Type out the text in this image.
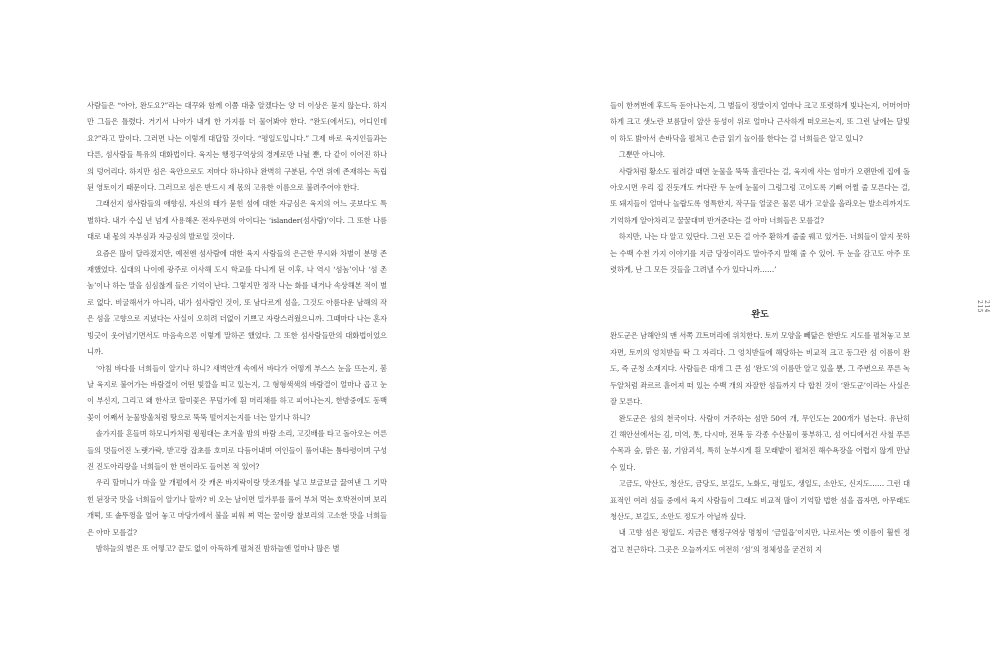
사람들은 “아아, 완도요?”라는 대꾸와 함께 이쯤 대충 알겠다는 양 더 이상은 묻지 않는다. 하지만 그들은 틀렸다. 거기서 나아가 내게 한 가지를 더 물어봐야 한다. “완도(에서도), 어디인데요?”라고 말이다. 그러면 나는 이렇게 대답할 것이다. “평일도입니다.” 그제 바로 육지인들과는 다른, 섬사람들 특유의 대화법이다. 육지는 행정구역상의 경계로만 나뉠 뿐, 다 같이 이어진 하나의 덩어리다. 하지만 섬은 육안으로도 저마다 하나하나 완벽히 구분된, 수면 위에 존재하는 독립된 영토이기 때문이다. 그러므로 섬은 반드시 제 몫의 고유한 이름으로 불려주어야 한다.

그래선지 섬사람들의 애향심, 자신의 태가 묻힌 섬에 대한 자긍심은 육지의 어느 곳보다도 특별하다. 내가 수십 년 넘게 사용해온 전자우편의 아이디는 ‘islander(섬사람)’이다. 그 또한 나름대로 내 몫의 자부심과 자긍심의 발로일 것이다.

요즘은 많이 달라졌지만, 예전엔 섬사람에 대한 육지 사람들의 은근한 무시와 차별이 분명 존재했었다. 십대의 나이에 광주로 이사해 도시 학교를 다니게 된 이후, 나 역시 ‘섬놈’이나 ‘섬 촌놈’이나 하는 말을 심심찮게 들은 기억이 난다. 그렇지만 정작 나는 화를 내거나 속상해본 적이 별로 없다. 비굴해서가 아니라, 내가 섬사람인 것이, 또 남다르게 섬을, 그것도 아름다운 남해의 작은 섬을 고향으로 지녔다는 사실이 오히려 더없이 기쁘고 자랑스러웠으니까. 그때마다 나는 혼자 빙긋이 웃어넘기면서도 마음속으론 이렇게 말하곤 했었다. 그 또한 섬사람들만의 대화법이었으니까.

‘아침 바다를 너희들이 알기나 하니? 새벽안개 속에서 바다가 어떻게 부스스 눈을 뜨는지, 봄날 육지로 불어가는 바람결이 어떤 빛깔을 띠고 있는지, 그 형형색색의 바람결이 얼마나 곱고 눈이 부신지, 그리고 왜 한사코 할미꽃은 무덤가에 흰 머리채를 하고 피어나는지, 한밤중에도 동백꽃이 어째서 눈물방울처럼 땅으로 뚝뚝 떨어지는지를 너는 알기나 하니?

솔가지를 흔들며 하모니카처럼 윙윙대는 초겨울 밤의 바람 소리, 고깃배를 타고 돌아오는 어른들의 멋들어진 노랫가락, 받고랑 잡초를 호미로 다듬어내며 여인들이 풀어내는 툼타령이며 구성진 진도아리랑을 너희들이 한 번이라도 들어본 적 있어?

우리 할머니가 마을 앞 개펄에서 갓 캐온 바지락이랑 맛조개를 넣고 보글보글 끓여낸 그 기막힌 된장국 맛을 너희들이 알기나 할까? 비 오는 날이면 밀가루를 풀어 부쳐 먹는 호박전이며 보리개떡, 또 솥뚜껑을 엎어 놓고 마당가에서 불을 피워 쪄 먹는 꿀이랑 찰보리의 고소한 맛을 너희들은 아마 모를걸?

밤하늘의 별은 또 어떻고? 끝도 없이 아득하게 펼쳐진 밤하늘엔 얼마나 많은 별

들이 한꺼번에 후드득 돋아나는지, 그 별들이 정말이지 얼마나 크고 또렷하게 빛나는지, 어머어마하게 크고 샛노란 보름달이 앞산 등성이 위로 얼마나 근사하게 떠오르는지, 또 그런 날에는 달빛이 하도 밝아서 손바닥을 펼쳐고 손금 읽기 놀이를 한다는 걸 너희들은 알고 있니?

그뿐만 아니야.

사람처럼 황소도 필려갈 때면 눈물을 뚝뚝 흘린다는 걸, 육지에 사는 엄마가 오랜만에 집에 돌아오시면 우리 집 진돗개도 커다란 두 눈에 눈물이 그렁그렁 고이도록 기뻐 어쩔 줄 모른다는 걸, 또 돼지들이 얼마나 놀랍도록 영특한지, 작구들 얼굴은 물론 내가 고샅을 올라오는 발소리까지도 기억하게 알아차리고 꿀꿀대며 반겨준다는 걸 아마 너희들은 모를걸?

하지만, 나는 다 알고 있단다. 그런 모든 걸 아주 환하게 줄줄 꿰고 있거든. 너희들이 알지 못하는 수백 수천 가지 이야기를 지금 당장이라도 말아주지 말해 줄 수 있어. 두 눈을 감고도 아주 또렷하게, 난 그 모든 것들을 그려낼 수가 있다니까……’

완도

완도군은 남해안의 맨 서쪽 끄트머리에 위치한다. 토끼 모양을 빼닮은 한반도 지도를 펼쳐놓고 보자면, 토끼의 엉치받들 딱 그 자리다. 그 엉치받들에 해당하는 비교적 크고 동그란 섬 이름이 완도, 즉 군청 소재지다. 사람들은 대개 그 큰 섬 ‘완도’의 이름만 알고 있을 뿐, 그 주변으로 푸른 녹두알처럼 좌르르 흩어져 떠 있는 수백 개의 자잘한 섬들까지 다 합친 것이 ‘완도군’이라는 사실은 잘 모른다.

완도군은 섬의 천국이다. 사람이 거주하는 섬만 50여 개, 무인도는 200개가 넘는다. 유난히 긴 해안선에서는 김, 미역, 톳, 다시마, 전복 등 각종 수산물이 풍부하고, 섬 어디에서건 사철 푸른 수목과 숲, 맑은 물, 기암괴석, 특히 눈부시게 흰 모래밭이 펼쳐진 해수욕장을 어렵지 않게 만날 수 있다.

고금도, 약산도, 청산도, 금당도, 보길도, 노화도, 평일도, 생일도, 소안도, 신지도…… 그런 대표적인 여러 섬들 중에서 육지 사람들이 그래도 비교적 많이 기억할 법한 섬을 꼽자면, 아무래도 청산도, 보길도, 소안도 정도가 아닐까 싶다.

내 고향 섬은 평일도. 지금은 행정구역상 명칭이 ‘금일읍’이지만, 나로서는 옛 이름이 훨씬 정겹고 친근하다. 그곳은 오늘까지도 여전히 ‘섬’의 정체성을 굳건히 지

214
215
